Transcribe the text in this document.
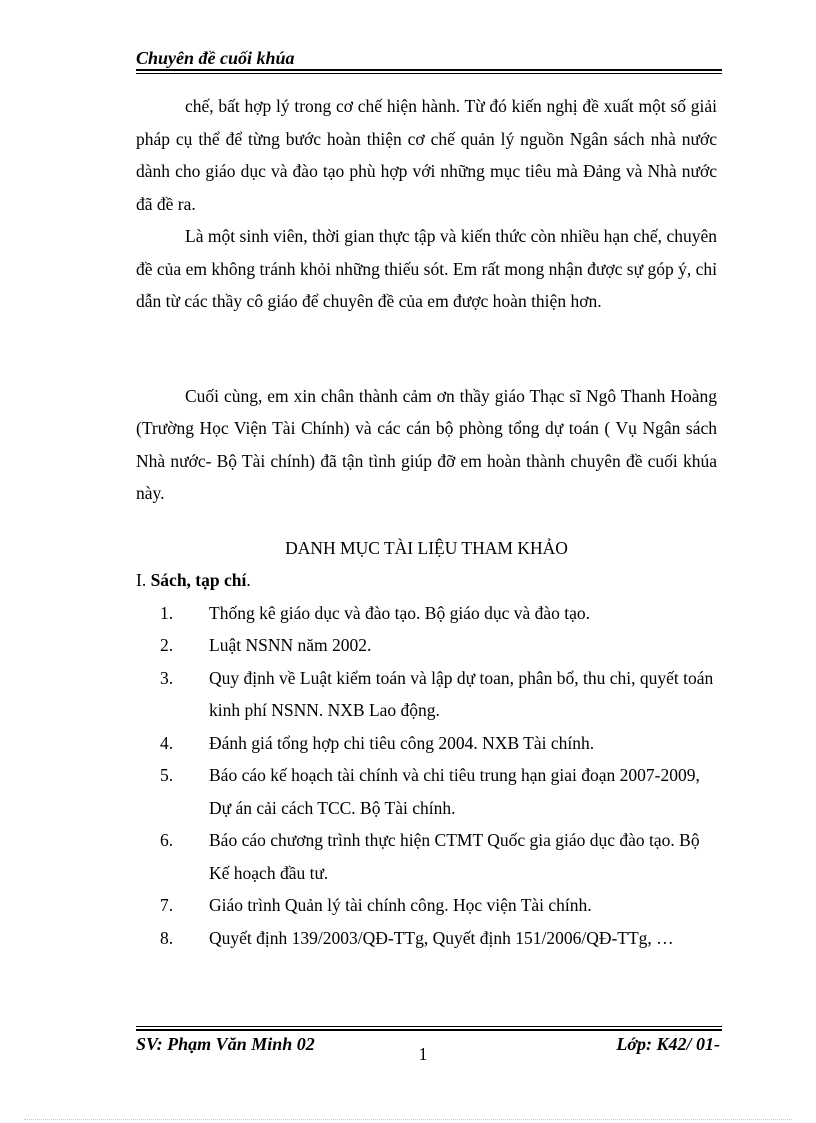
Chuyên đề cuối khúa

chế, bất hợp lý trong cơ chế hiện hành. Từ đó kiến nghị đề xuất một số giải pháp cụ thể để từng bước hoàn thiện cơ chế quản lý nguồn Ngân sách nhà nước dành cho giáo dục và đào tạo phù hợp với những mục tiêu mà Đảng và Nhà nước đã đề ra.

Là một sinh viên, thời gian thực tập và kiến thức còn nhiều hạn chế, chuyên đề của em không tránh khỏi những thiếu sót. Em rất mong nhận được sự góp ý, chỉ dẫn từ các thầy cô giáo để chuyên đề của em được hoàn thiện hơn.

Cuối cùng, em xin chân thành cảm ơn thầy giáo Thạc sĩ Ngô Thanh Hoàng (Trường Học Viện Tài Chính) và các cán bộ phòng tổng dự toán ( Vụ Ngân sách Nhà nước- Bộ Tài chính) đã tận tình giúp đỡ em hoàn thành chuyên đề cuối khúa này.

DANH MỤC TÀI LIỆU THAM KHẢO

I. Sách, tạp chí.

1. Thống kê giáo dục và đào tạo. Bộ giáo dục và đào tạo.
2. Luật NSNN năm 2002.
3. Quy định về Luật kiểm toán và lập dự toan, phân bổ, thu chi, quyết toán kinh phí NSNN. NXB Lao động.
4. Đánh giá tổng hợp chi tiêu công 2004. NXB Tài chính.
5. Báo cáo kế hoạch tài chính và chi tiêu trung hạn giai đoạn 2007-2009, Dự án cải cách TCC. Bộ Tài chính.
6. Báo cáo chương trình thực hiện CTMT Quốc gia giáo dục đào tạo. Bộ Kế hoạch đầu tư.
7. Giáo trình Quản lý tài chính công. Học viện Tài chính.
8. Quyết định 139/2003/QĐ-TTg, Quyết định 151/2006/QĐ-TTg, …
SV: Phạm Văn Minh 02	1	Lớp: K42/ 01-
